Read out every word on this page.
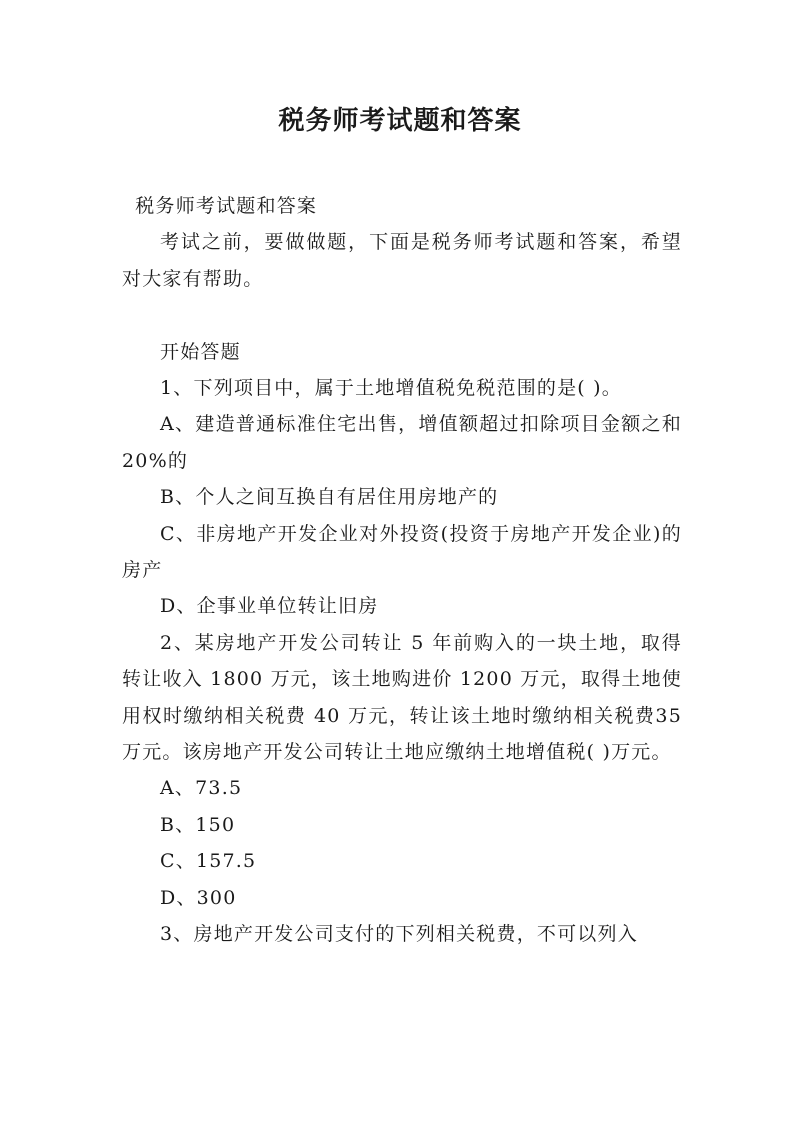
税务师考试题和答案

税务师考试题和答案

考试之前，要做做题，下面是税务师考试题和答案，希望对大家有帮助。

开始答题

1、下列项目中，属于土地增值税免税范围的是( )。

A、建造普通标准住宅出售，增值额超过扣除项目金额之和 20%的

B、个人之间互换自有居住用房地产的

C、非房地产开发企业对外投资(投资于房地产开发企业)的房产

D、企事业单位转让旧房

2、某房地产开发公司转让 5 年前购入的一块土地，取得转让收入 1800 万元，该土地购进价 1200 万元，取得土地使用权时缴纳相关税费 40 万元，转让该土地时缴纳相关税费35万元。该房地产开发公司转让土地应缴纳土地增值税( )万元。

A、73.5

B、150

C、157.5

D、300

3、房地产开发公司支付的下列相关税费，不可以列入
